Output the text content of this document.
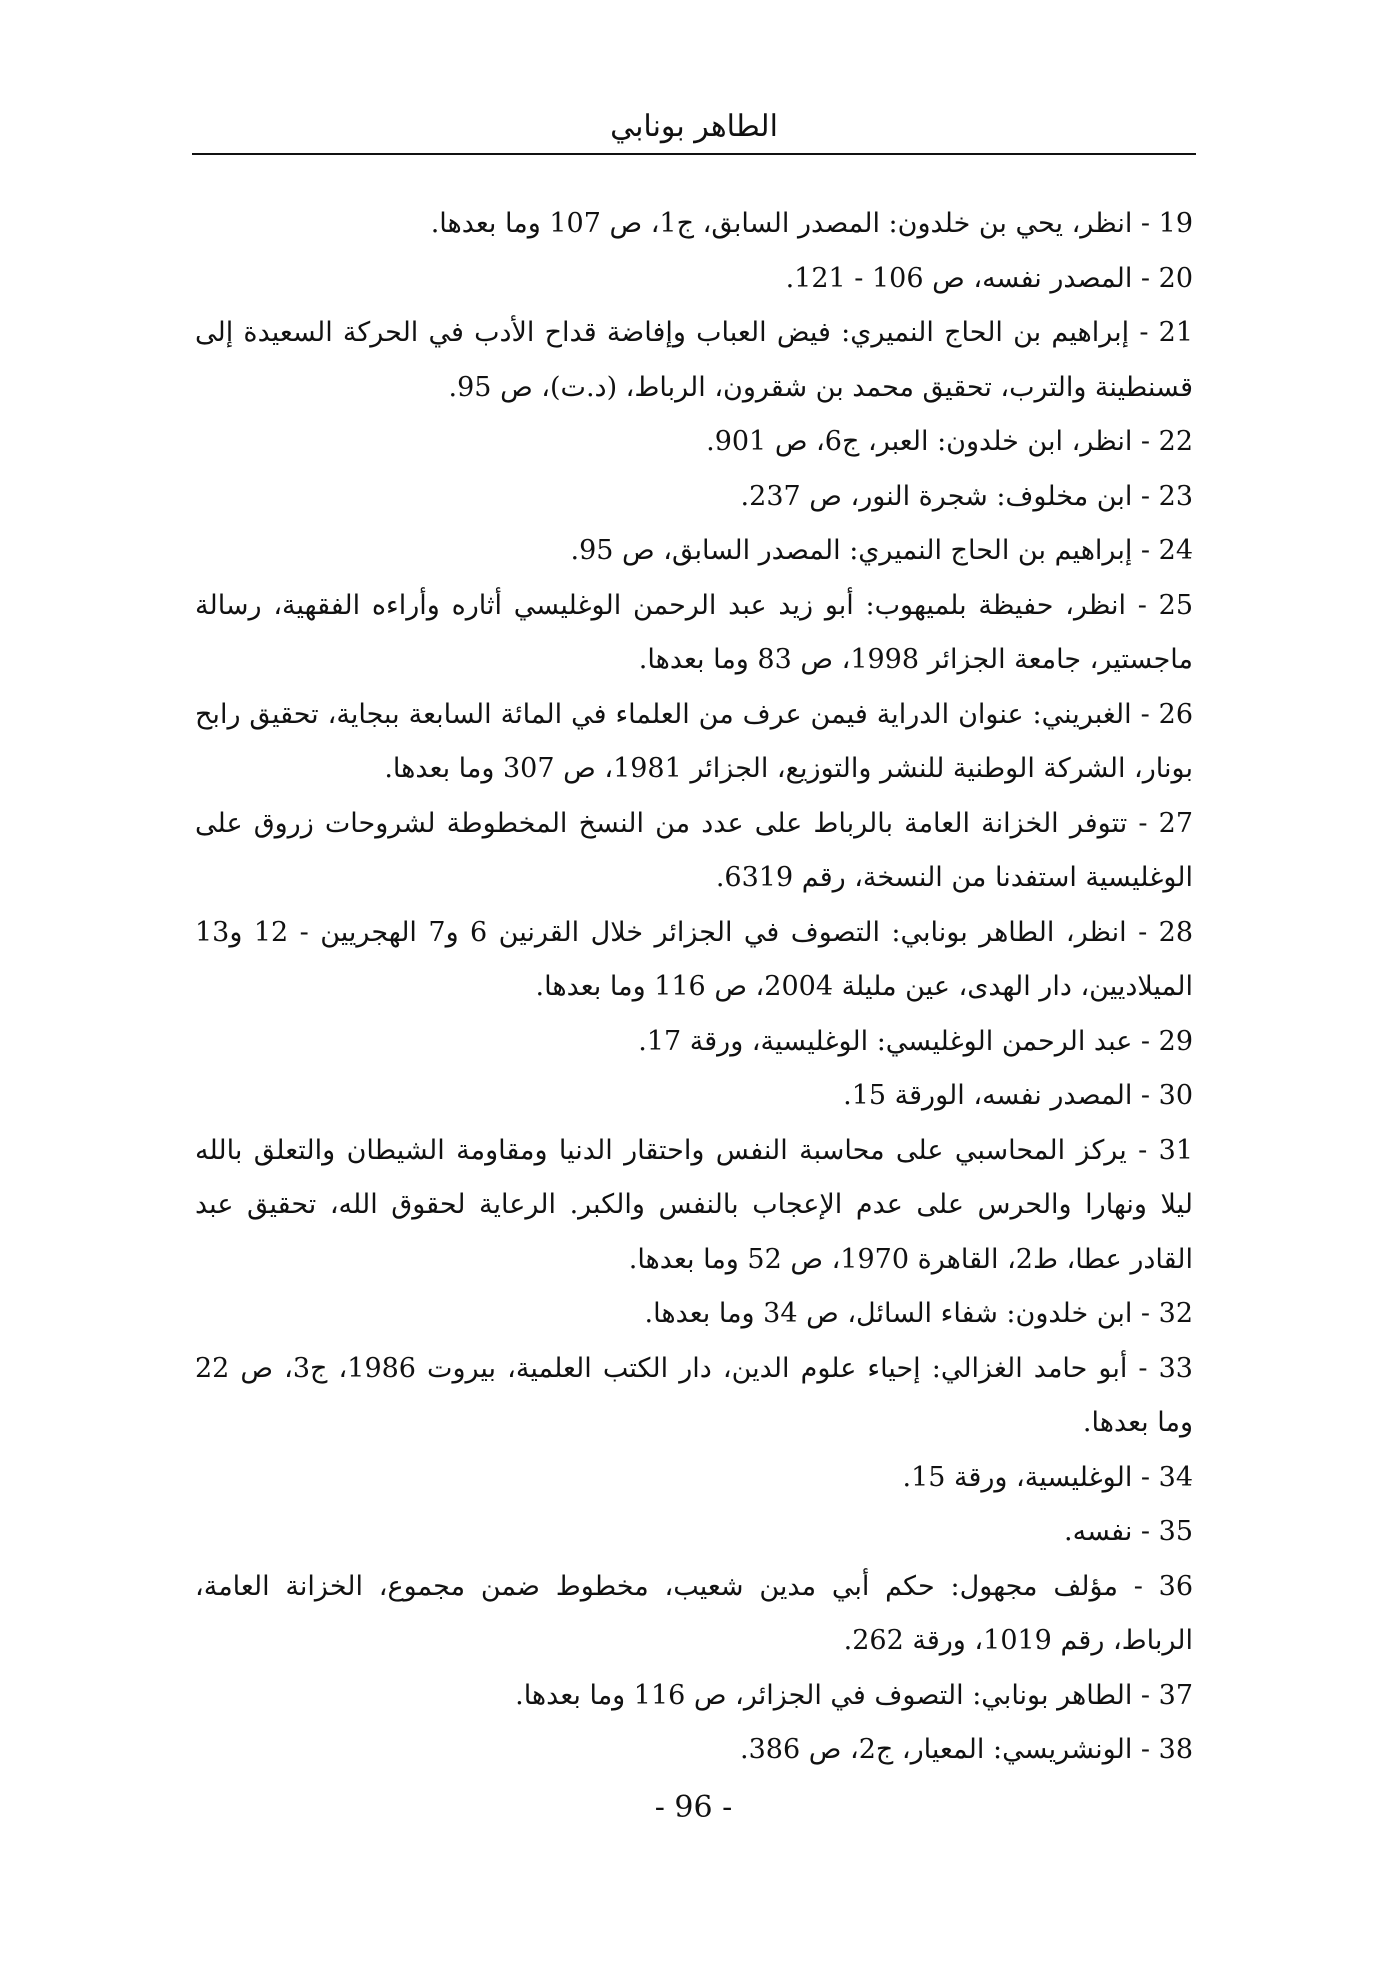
الطاهر بونابي

19 - انظر، يحي بن خلدون: المصدر السابق، ج1، ص 107 وما بعدها.

20 - المصدر نفسه، ص 106 - 121.

21 - إبراهيم بن الحاج النميري: فيض العباب وإفاضة قداح الأدب في الحركة السعيدة إلى قسنطينة والترب، تحقيق محمد بن شقرون، الرباط، (د.ت)، ص 95.

22 - انظر، ابن خلدون: العبر، ج6، ص 901.

23 - ابن مخلوف: شجرة النور، ص 237.

24 - إبراهيم بن الحاج النميري: المصدر السابق، ص 95.

25 - انظر، حفيظة بلميهوب: أبو زيد عبد الرحمن الوغليسي أثاره وأراءه الفقهية، رسالة ماجستير، جامعة الجزائر 1998، ص 83 وما بعدها.

26 - الغبريني: عنوان الدراية فيمن عرف من العلماء في المائة السابعة ببجاية، تحقيق رابح بونار، الشركة الوطنية للنشر والتوزيع، الجزائر 1981، ص 307 وما بعدها.

27 - تتوفر الخزانة العامة بالرباط على عدد من النسخ المخطوطة لشروحات زروق على الوغليسية استفدنا من النسخة، رقم 6319.

28 - انظر، الطاهر بونابي: التصوف في الجزائر خلال القرنين 6 و7 الهجريين - 12 و13 الميلاديين، دار الهدى، عين مليلة 2004، ص 116 وما بعدها.

29 - عبد الرحمن الوغليسي: الوغليسية، ورقة 17.

30 - المصدر نفسه، الورقة 15.

31 - يركز المحاسبي على محاسبة النفس واحتقار الدنيا ومقاومة الشيطان والتعلق بالله ليلا ونهارا والحرس على عدم الإعجاب بالنفس والكبر. الرعاية لحقوق الله، تحقيق عبد القادر عطا، ط2، القاهرة 1970، ص 52 وما بعدها.

32 - ابن خلدون: شفاء السائل، ص 34 وما بعدها.

33 - أبو حامد الغزالي: إحياء علوم الدين، دار الكتب العلمية، بيروت 1986، ج3، ص 22 وما بعدها.

34 - الوغليسية، ورقة 15.

35 - نفسه.

36 - مؤلف مجهول: حكم أبي مدين شعيب، مخطوط ضمن مجموع، الخزانة العامة، الرباط، رقم 1019، ورقة 262.

37 - الطاهر بونابي: التصوف في الجزائر، ص 116 وما بعدها.

38 - الونشريسي: المعيار، ج2، ص 386.

- 96 -
